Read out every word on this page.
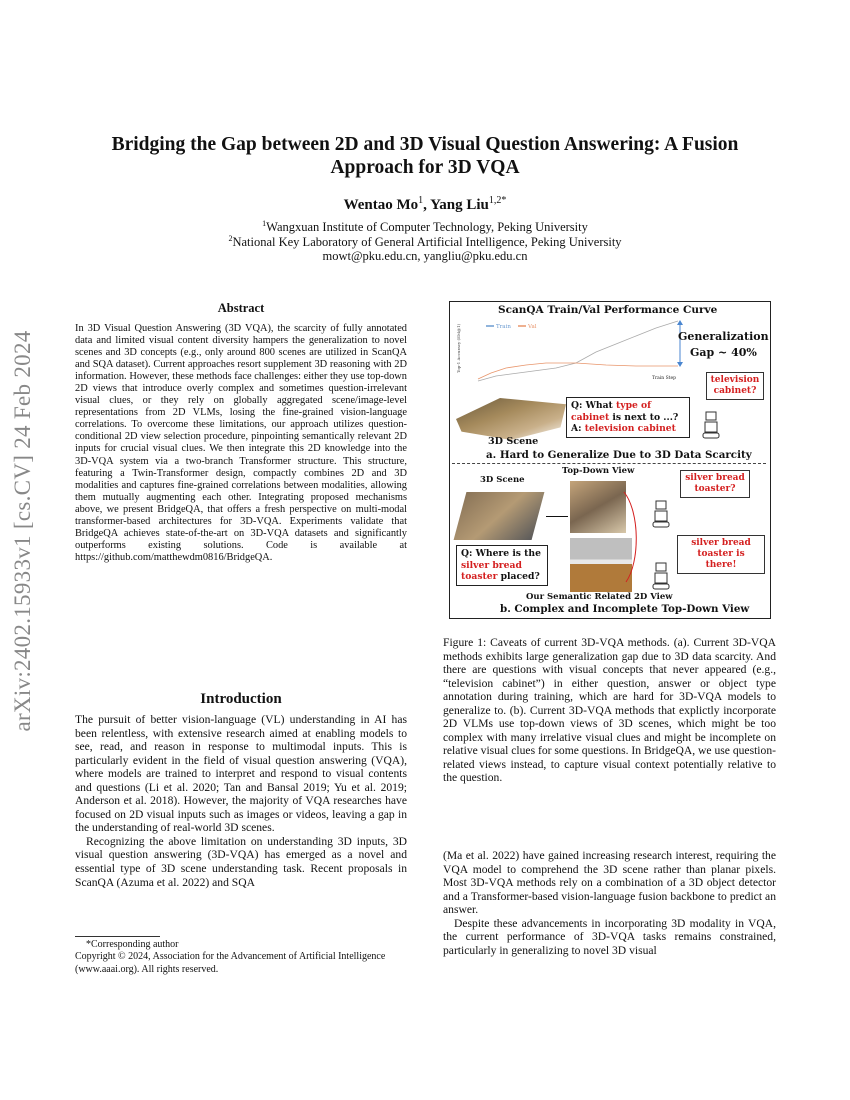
arXiv:2402.15933v1 [cs.CV] 24 Feb 2024
Bridging the Gap between 2D and 3D Visual Question Answering: A Fusion Approach for 3D VQA
Wentao Mo$^1$, Yang Liu$^{1,2*}$
$^1$Wangxuan Institute of Computer Technology, Peking University
$^2$National Key Laboratory of General Artificial Intelligence, Peking University
mowt@pku.edu.cn, yangliu@pku.edu.cn
Abstract
In 3D Visual Question Answering (3D VQA), the scarcity of fully annotated data and limited visual content diversity hampers the generalization to novel scenes and 3D concepts (e.g., only around 800 scenes are utilized in ScanQA and SQA dataset). Current approaches resort supplement 3D reasoning with 2D information. However, these methods face challenges: either they use top-down 2D views that introduce overly complex and sometimes question-irrelevant visual clues, or they rely on globally aggregated scene/image-level representations from 2D VLMs, losing the fine-grained vision-language correlations. To overcome these limitations, our approach utilizes question-conditional 2D view selection procedure, pinpointing semantically relevant 2D inputs for crucial visual clues. We then integrate this 2D knowledge into the 3D-VQA system via a two-branch Transformer structure. This structure, featuring a Twin-Transformer design, compactly combines 2D and 3D modalities and captures fine-grained correlations between modalities, allowing them mutually augmenting each other. Integrating proposed mechanisms above, we present BridgeQA, that offers a fresh perspective on multi-modal transformer-based architectures for 3D-VQA. Experiments validate that BridgeQA achieves state-of-the-art on 3D-VQA datasets and significantly outperforms existing solutions. Code is available at https://github.com/matthewdm0816/BridgeQA.
Introduction

The pursuit of better vision-language (VL) understanding in AI has been relentless, with extensive research aimed at enabling models to see, read, and reason in response to multimodal inputs. This is particularly evident in the field of visual question answering (VQA), where models are trained to interpret and respond to visual contents and questions (Li et al. 2020; Tan and Bansal 2019; Yu et al. 2019; Anderson et al. 2018). However, the majority of VQA researches have focused on 2D visual inputs such as images or videos, leaving a gap in the understanding of real-world 3D scenes.

Recognizing the above limitation on understanding 3D inputs, 3D visual question answering (3D-VQA) has emerged as a novel and essential type of 3D scene understanding task. Recent proposals in ScanQA (Azuma et al. 2022) and SQA

*Corresponding author
Copyright © 2024, Association for the Advancement of Artificial Intelligence (www.aaai.org). All rights reserved.
ScanQA Train/Val Performance Curve
Top-1 Accuracy (EM@1)	Train	Val
Train Step
Generalization
Gap ~ 40%
3D Scene
Q: What type of
cabinet is next to ...?
A: television cabinet
television
cabinet?
a. Hard to Generalize Due to 3D Data Scarcity
Top-Down View
3D Scene	silver bread
toaster?
silver bread
toaster is there!
Q: Where is the
silver bread
toaster placed?
Our Semantic Related 2D View
b. Complex and Incomplete Top-Down View
Figure 1: Caveats of current 3D-VQA methods. (a). Current 3D-VQA methods exhibits large generalization gap due to 3D data scarcity. And there are questions with visual concepts that never appeared (e.g., “television cabinet”) in either question, answer or object type annotation during training, which are hard for 3D-VQA models to generalize to. (b). Current 3D-VQA methods that explictly incorporate 2D VLMs use top-down views of 3D scenes, which might be too complex with many irrelative visual clues and might be incomplete on relative visual clues for some questions. In BridgeQA, we use question-related views instead, to capture visual context potentially relative to the question.

(Ma et al. 2022) have gained increasing research interest, requiring the VQA model to comprehend the 3D scene rather than planar pixels. Most 3D-VQA methods rely on a combination of a 3D object detector and a Transformer-based vision-language fusion backbone to predict an answer.

Despite these advancements in incorporating 3D modality in VQA, the current performance of 3D-VQA tasks remains constrained, particularly in generalizing to novel 3D visual
